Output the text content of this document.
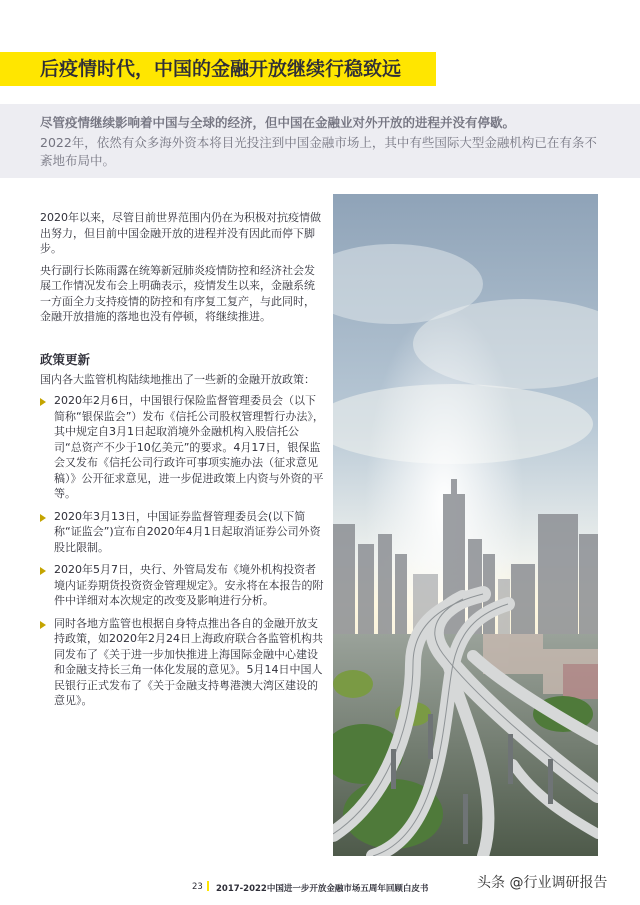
后疫情时代，中国的金融开放继续行稳致远

尽管疫情继续影响着中国与全球的经济，但中国在金融业对外开放的进程并没有停歇。

2022年，依然有众多海外资本将目光投注到中国金融市场上，其中有些国际大型金融机构已在有条不紊地布局中。

2020年以来，尽管目前世界范围内仍在为积极对抗疫情做出努力，但目前中国金融开放的进程并没有因此而停下脚步。

央行副行长陈雨露在统筹新冠肺炎疫情防控和经济社会发展工作情况发布会上明确表示，疫情发生以来，金融系统一方面全力支持疫情的防控和有序复工复产，与此同时，金融开放措施的落地也没有停顿，将继续推进。

政策更新

国内各大监管机构陆续地推出了一些新的金融开放政策：

2020年2月6日，中国银行保险监督管理委员会（以下简称“银保监会”）发布《信托公司股权管理暂行办法》，其中规定自3月1日起取消境外金融机构入股信托公司“总资产不少于10亿美元”的要求。4月17日，银保监会又发布《信托公司行政许可事项实施办法（征求意见稿）》公开征求意见，进一步促进政策上内资与外资的平等。
2020年3月13日，中国证券监督管理委员会(以下简称“证监会”)宣布自2020年4月1日起取消证券公司外资股比限制。
2020年5月7日，央行、外管局发布《境外机构投资者境内证券期货投资资金管理规定》。安永将在本报告的附件中详细对本次规定的改变及影响进行分析。
同时各地方监管也根据自身特点推出各自的金融开放支持政策，如2020年2月24日上海政府联合各监管机构共同发布了《关于进一步加快推进上海国际金融中心建设和金融支持长三角一体化发展的意见》。5月14日中国人民银行正式发布了《关于金融支持粤港澳大湾区建设的意见》。
23 2017-2022中国进一步开放金融市场五周年回顾白皮书	头条 @行业调研报告
